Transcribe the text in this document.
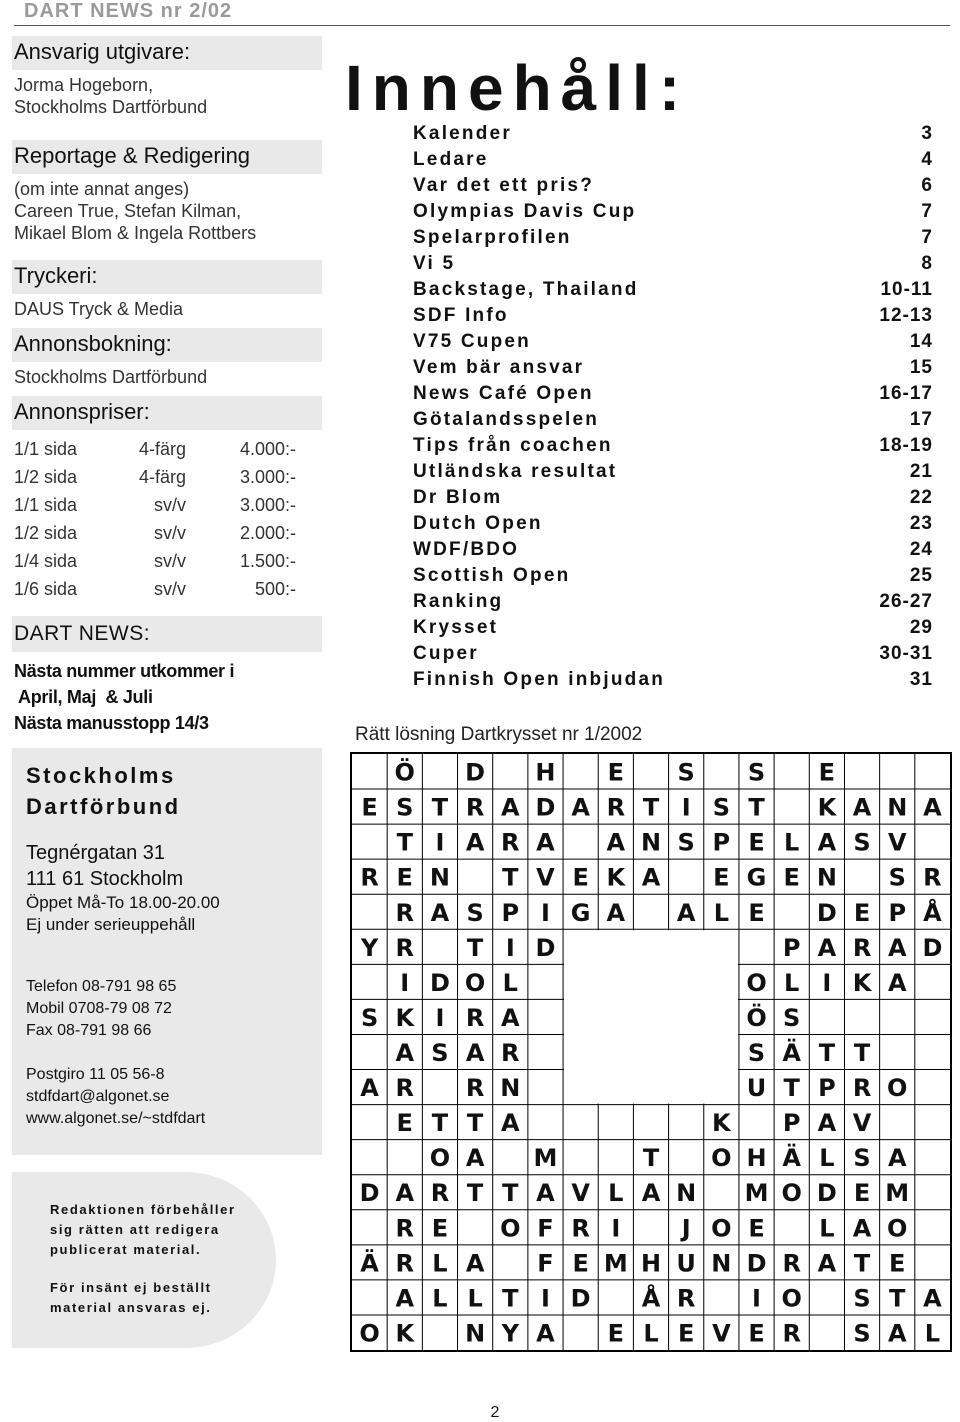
DART NEWS nr 2/02
Ansvarig utgivare:
Jorma Hogeborn,
Stockholms Dartförbund
Reportage & Redigering
(om inte annat anges)
Careen True, Stefan Kilman,
Mikael Blom & Ingela Rottbers
Tryckeri:
DAUS Tryck & Media
Annonsbokning:
Stockholms Dartförbund
Annonspriser:
1/1 sida	4-färg	4.000:-
1/2 sida	4-färg	3.000:-
1/1 sida	sv/v	3.000:-
1/2 sida	sv/v	2.000:-
1/4 sida	sv/v	1.500:-
1/6 sida	sv/v	500:-
DART NEWS:
Nästa nummer utkommer i
April, Maj  & Juli
Nästa manusstopp 14/3
Stockholms
Dartförbund
Tegnérgatan 31
111 61 Stockholm
Öppet Må-To 18.00-20.00
Ej under serieuppehåll
Telefon 08-791 98 65
Mobil 0708-79 08 72
Fax 08-791 98 66
Postgiro 11 05 56-8
stdfdart@algonet.se
www.algonet.se/~stdfdart
Redaktionen förbehåller
sig rätten att redigera
publicerat material.
För insänt ej beställt
material ansvaras ej.
Innehåll:
Kalender	3
Ledare	4
Var det ett pris?	6
Olympias Davis Cup	7
Spelarprofilen	7
Vi 5	8
Backstage, Thailand	10-11
SDF Info	12-13
V75 Cupen	14
Vem bär ansvar	15
News Café Open	16-17
Götalandsspelen	17
Tips från coachen	18-19
Utländska resultat	21
Dr Blom	22
Dutch Open	23
WDF/BDO	24
Scottish Open	25
Ranking	26-27
Krysset	29
Cuper	30-31
Finnish Open inbjudan	31
Rätt lösning Dartkrysset nr 1/2002
Ö D H E S S E
E S T R A D A R T I S T K A N A
T I A R A A N S P E L A S V
R E N T V E K A E G E N S R
R A S P I G A A L E D E P Å
Y R T I D	P A R A D
I D O L	O L I K A
S K I R A	Ö S
A S A R	S Ä T T
A R R N	U T P R O
E T T A	K P A V
O A M	T O H Ä L S A
D A R T T A V L A N M O D E M
R E O F R I	J O E L A O
Ä R L A F E M H U N D R A T E
A L L T I D Å R I O S T A
O K N Y A E L E V E R S A L
2
